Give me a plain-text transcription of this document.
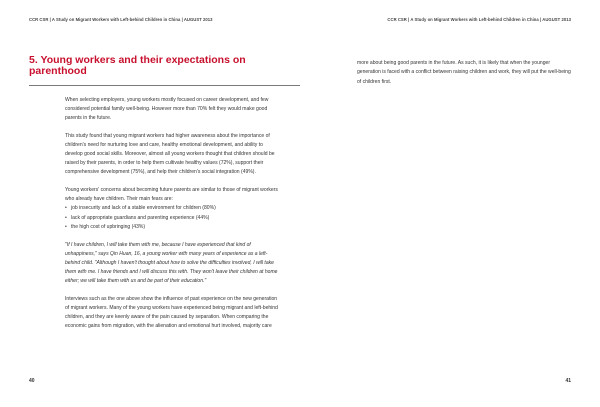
CCR CSR | A Study on Migrant Workers with Left-behind Children in China | AUGUST 2013
5. Young workers and their expectations on parenthood

When selecting employers, young workers mostly focused on career development, and few considered potential family well-being. However more than 70% felt they would make good parents in the future.

This study found that young migrant workers had higher awareness about the importance of children's need for nurturing love and care, healthy emotional development, and ability to develop good social skills. Moreover, almost all young workers thought that children should be raised by their parents, in order to help them cultivate healthy values (72%), support their comprehensive development (75%), and help their children's social integration (49%).

Young workers' concerns about becoming future parents are similar to those of migrant workers who already have children. Their main fears are:

• job insecurity and lack of a stable environment for children (80%)
• lack of appropriate guardians and parenting experience (44%)
• the high cost of upbringing (43%)

"If I have children, I will take them with me, because I have experienced that kind of unhappiness," says Qin Huan, 16, a young worker with many years of experience as a left-behind child. "Although I haven't thought about how to solve the difficulties involved, I will take them with me. I have friends and I will discuss this with. They won't leave their children at home either; we will take them with us and be part of their education."

Interviews such as the one above show the influence of past experience on the new generation of migrant workers. Many of the young workers have experienced being migrant and left-behind children, and they are keenly aware of the pain caused by separation. When comparing the economic gains from migration, with the alienation and emotional hurt involved, majority care

40
CCR CSR | A Study on Migrant Workers with Left-behind Children in China | AUGUST 2013
41

more about being good parents in the future. As such, it is likely that when the younger generation is faced with a conflict between raising children and work, they will put the well-being of children first.
